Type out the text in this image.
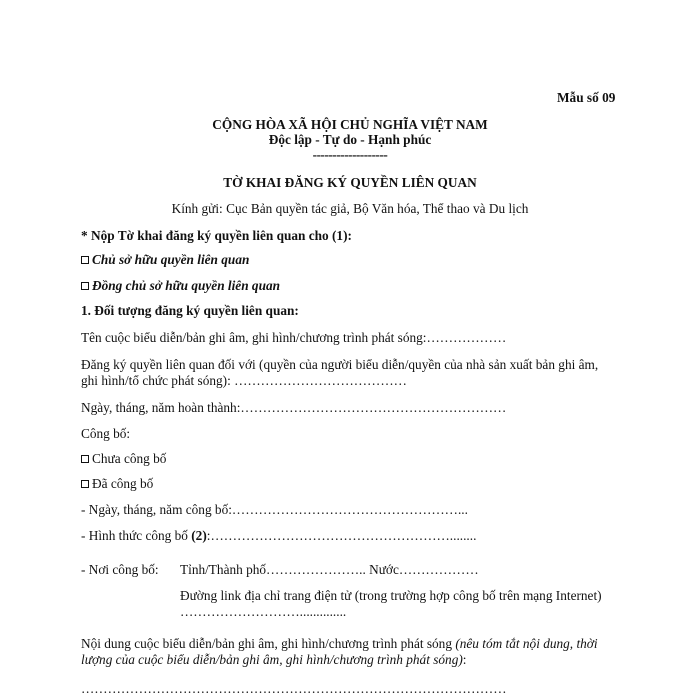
Mẫu số 09
CỘNG HÒA XÃ HỘI CHỦ NGHĨA VIỆT NAM
Độc lập - Tự do - Hạnh phúc
-------------------
TỜ KHAI ĐĂNG KÝ QUYỀN LIÊN QUAN
Kính gửi: Cục Bản quyền tác giả, Bộ Văn hóa, Thể thao và Du lịch
* Nộp Tờ khai đăng ký quyền liên quan cho (1):
Chủ sở hữu quyền liên quan
Đồng chủ sở hữu quyền liên quan
1. Đối tượng đăng ký quyền liên quan:
Tên cuộc biểu diễn/bản ghi âm, ghi hình/chương trình phát sóng:………………
Đăng ký quyền liên quan đối với (quyền của người biểu diễn/quyền của nhà sản xuất bản ghi âm,
ghi hình/tổ chức phát sóng): …………………………………
Ngày, tháng, năm hoàn thành:……………………………………………………
Công bố:
Chưa công bố
Đã công bố
- Ngày, tháng, năm công bố:……………………………………………...
- Hình thức công bố (2):………………………………………………........
- Nơi công bố: Tỉnh/Thành phố………………….. Nước………………
Đường link địa chỉ trang điện tử (trong trường hợp công bố trên mạng Internet)
………………………..............
Nội dung cuộc biểu diễn/bản ghi âm, ghi hình/chương trình phát sóng (nêu tóm tắt nội dung, thời
lượng của cuộc biểu diễn/bản ghi âm, ghi hình/chương trình phát sóng):
……………………………………………………………………………………
